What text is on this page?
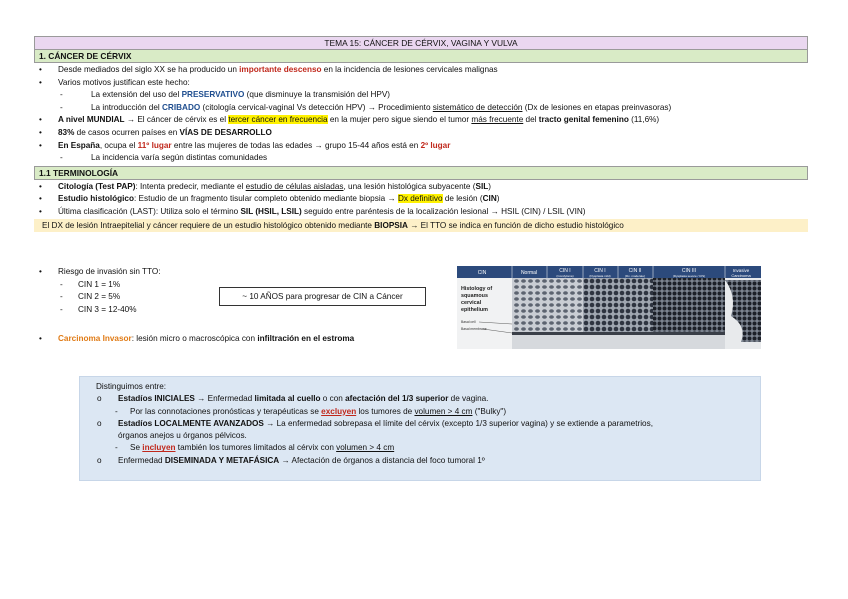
TEMA 15: CÁNCER DE CÉRVIX, VAGINA Y VULVA
1. CÁNCER DE CÉRVIX
• Desde mediados del siglo XX se ha producido un importante descenso en la incidencia de lesiones cervicales malignas
• Varios motivos justifican este hecho:
- La extensión del uso del PRESERVATIVO (que disminuye la transmisión del HPV)
- La introducción del CRIBADO (citología cervical-vaginal Vs detección HPV) → Procedimiento sistemático de detección (Dx de lesiones en etapas preinvasoras)
• A nivel MUNDIAL → El cáncer de cérvix es el tercer cáncer en frecuencia en la mujer pero sigue siendo el tumor más frecuente del tracto genital femenino (11,6%)
• 83% de casos ocurren países en VÍAS DE DESARROLLO
• En España, ocupa el 11º lugar entre las mujeres de todas las edades → grupo 15-44 años está en 2º lugar
- La incidencia varía según distintas comunidades
1.1 TERMINOLOGÍA
• Citología (Test PAP): Intenta predecir, mediante el estudio de células aisladas, una lesión histológica subyacente (SIL)
• Estudio histológico: Estudio de un fragmento tisular completo obtenido mediante biopsia → Dx definitivo de lesión (CIN)
• Última clasificación (LAST): Utiliza solo el término SIL (HSIL, LSIL) seguido entre paréntesis de la localización lesional → HSIL (CIN) / LSIL (VIN)
El DX de lesión Intraepitelial y cáncer requiere de un estudio histológico obtenido mediante BIOPSIA → El TTO se indica en función de dicho estudio histológico
• Riesgo de invasión sin TTO:
- CIN 1 = 1%
- CIN 2 = 5%
- CIN 3 = 12-40%
~ 10 AÑOS para progresar de CIN a Cáncer
• Carcinoma Invasor: lesión micro o macroscópica con infiltración en el estroma
CIN	Normal	CIN I
(Condyloma)
CIN I
(Dysplasia mild)
CIN II
(Dx. moderate)
CIN III
(Dysplasia severe / CIS)
Invasive
Carcinoma
Histology of
squamous
cervical
epithelium
Basal cell
Basal membrane
Distinguimos entre:
o Estadíos INICIALES → Enfermedad limitada al cuello o con afectación del 1/3 superior de vagina.
- Por las connotaciones pronósticas y terapéuticas se excluyen los tumores de volumen > 4 cm ("Bulky")
o Estadíos LOCALMENTE AVANZADOS → La enfermedad sobrepasa el límite del cérvix (excepto 1/3 superior vagina) y se extiende a parametrios,
órganos anejos u órganos pélvicos.
- Se incluyen también los tumores limitados al cérvix con volumen > 4 cm
o Enfermedad DISEMINADA Y METAFÁSICA → Afectación de órganos a distancia del foco tumoral 1º
